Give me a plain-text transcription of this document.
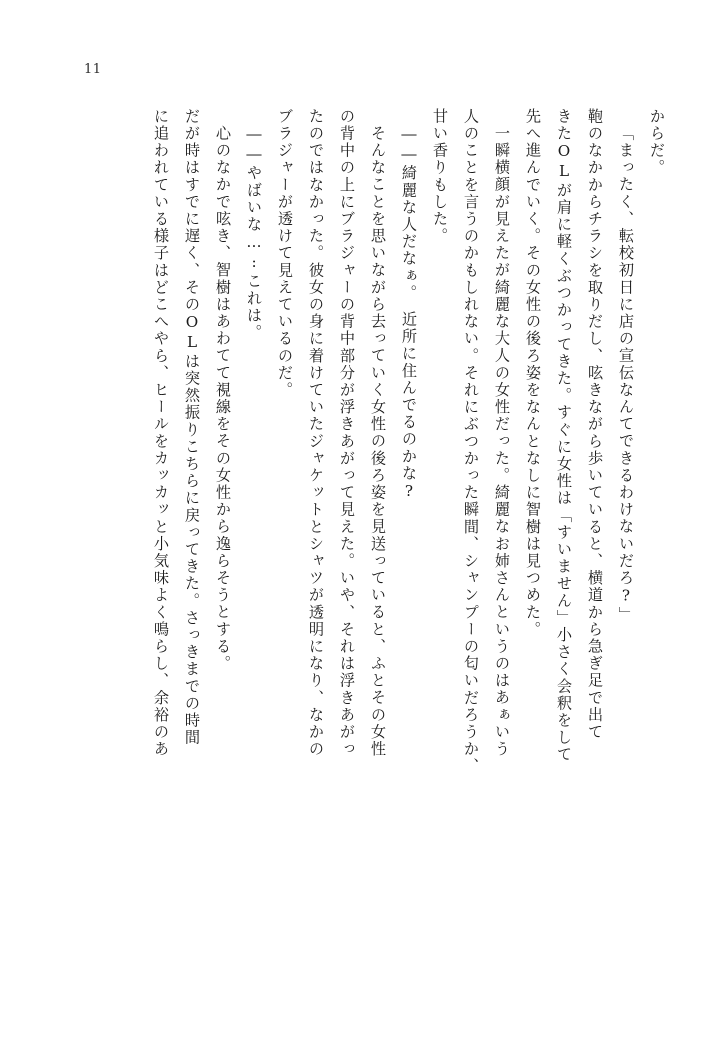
11
からだ。
「まったく、転校初日に店の宣伝なんてできるわけないだろ?」
鞄のなかからチラシを取りだし、呟きながら歩いていると、横道から急ぎ足で出て
きたOLが肩に軽くぶつかってきた。すぐに女性は「すいません」小さく会釈をして
先へ進んでいく。その女性の後ろ姿をなんとなしに智樹は見つめた。
一瞬横顔が見えたが綺麗な大人の女性だった。綺麗なお姉さんというのはあぁいう
人のことを言うのかもしれない。それにぶつかった瞬間、シャンプーの匂いだろうか、
甘い香りもした。
――綺麗な人だなぁ。　近所に住んでるのかな?
そんなことを思いながら去っていく女性の後ろ姿を見送っていると、ふとその女性
の背中の上にブラジャーの背中部分が浮きあがって見えた。いや、それは浮きあがっ
たのではなかった。彼女の身に着けていたジャケットとシャツが透明になり、なかの
ブラジャーが透けて見えているのだ。
――やばいな…:これは。
心のなかで呟き、智樹はあわてて視線をその女性から逸らそうとする。
だが時はすでに遅く、そのOLは突然振りこちらに戻ってきた。さっきまでの時間
に追われている様子はどこへやら、ヒールをカッカッと小気味よく鳴らし、余裕のあ
